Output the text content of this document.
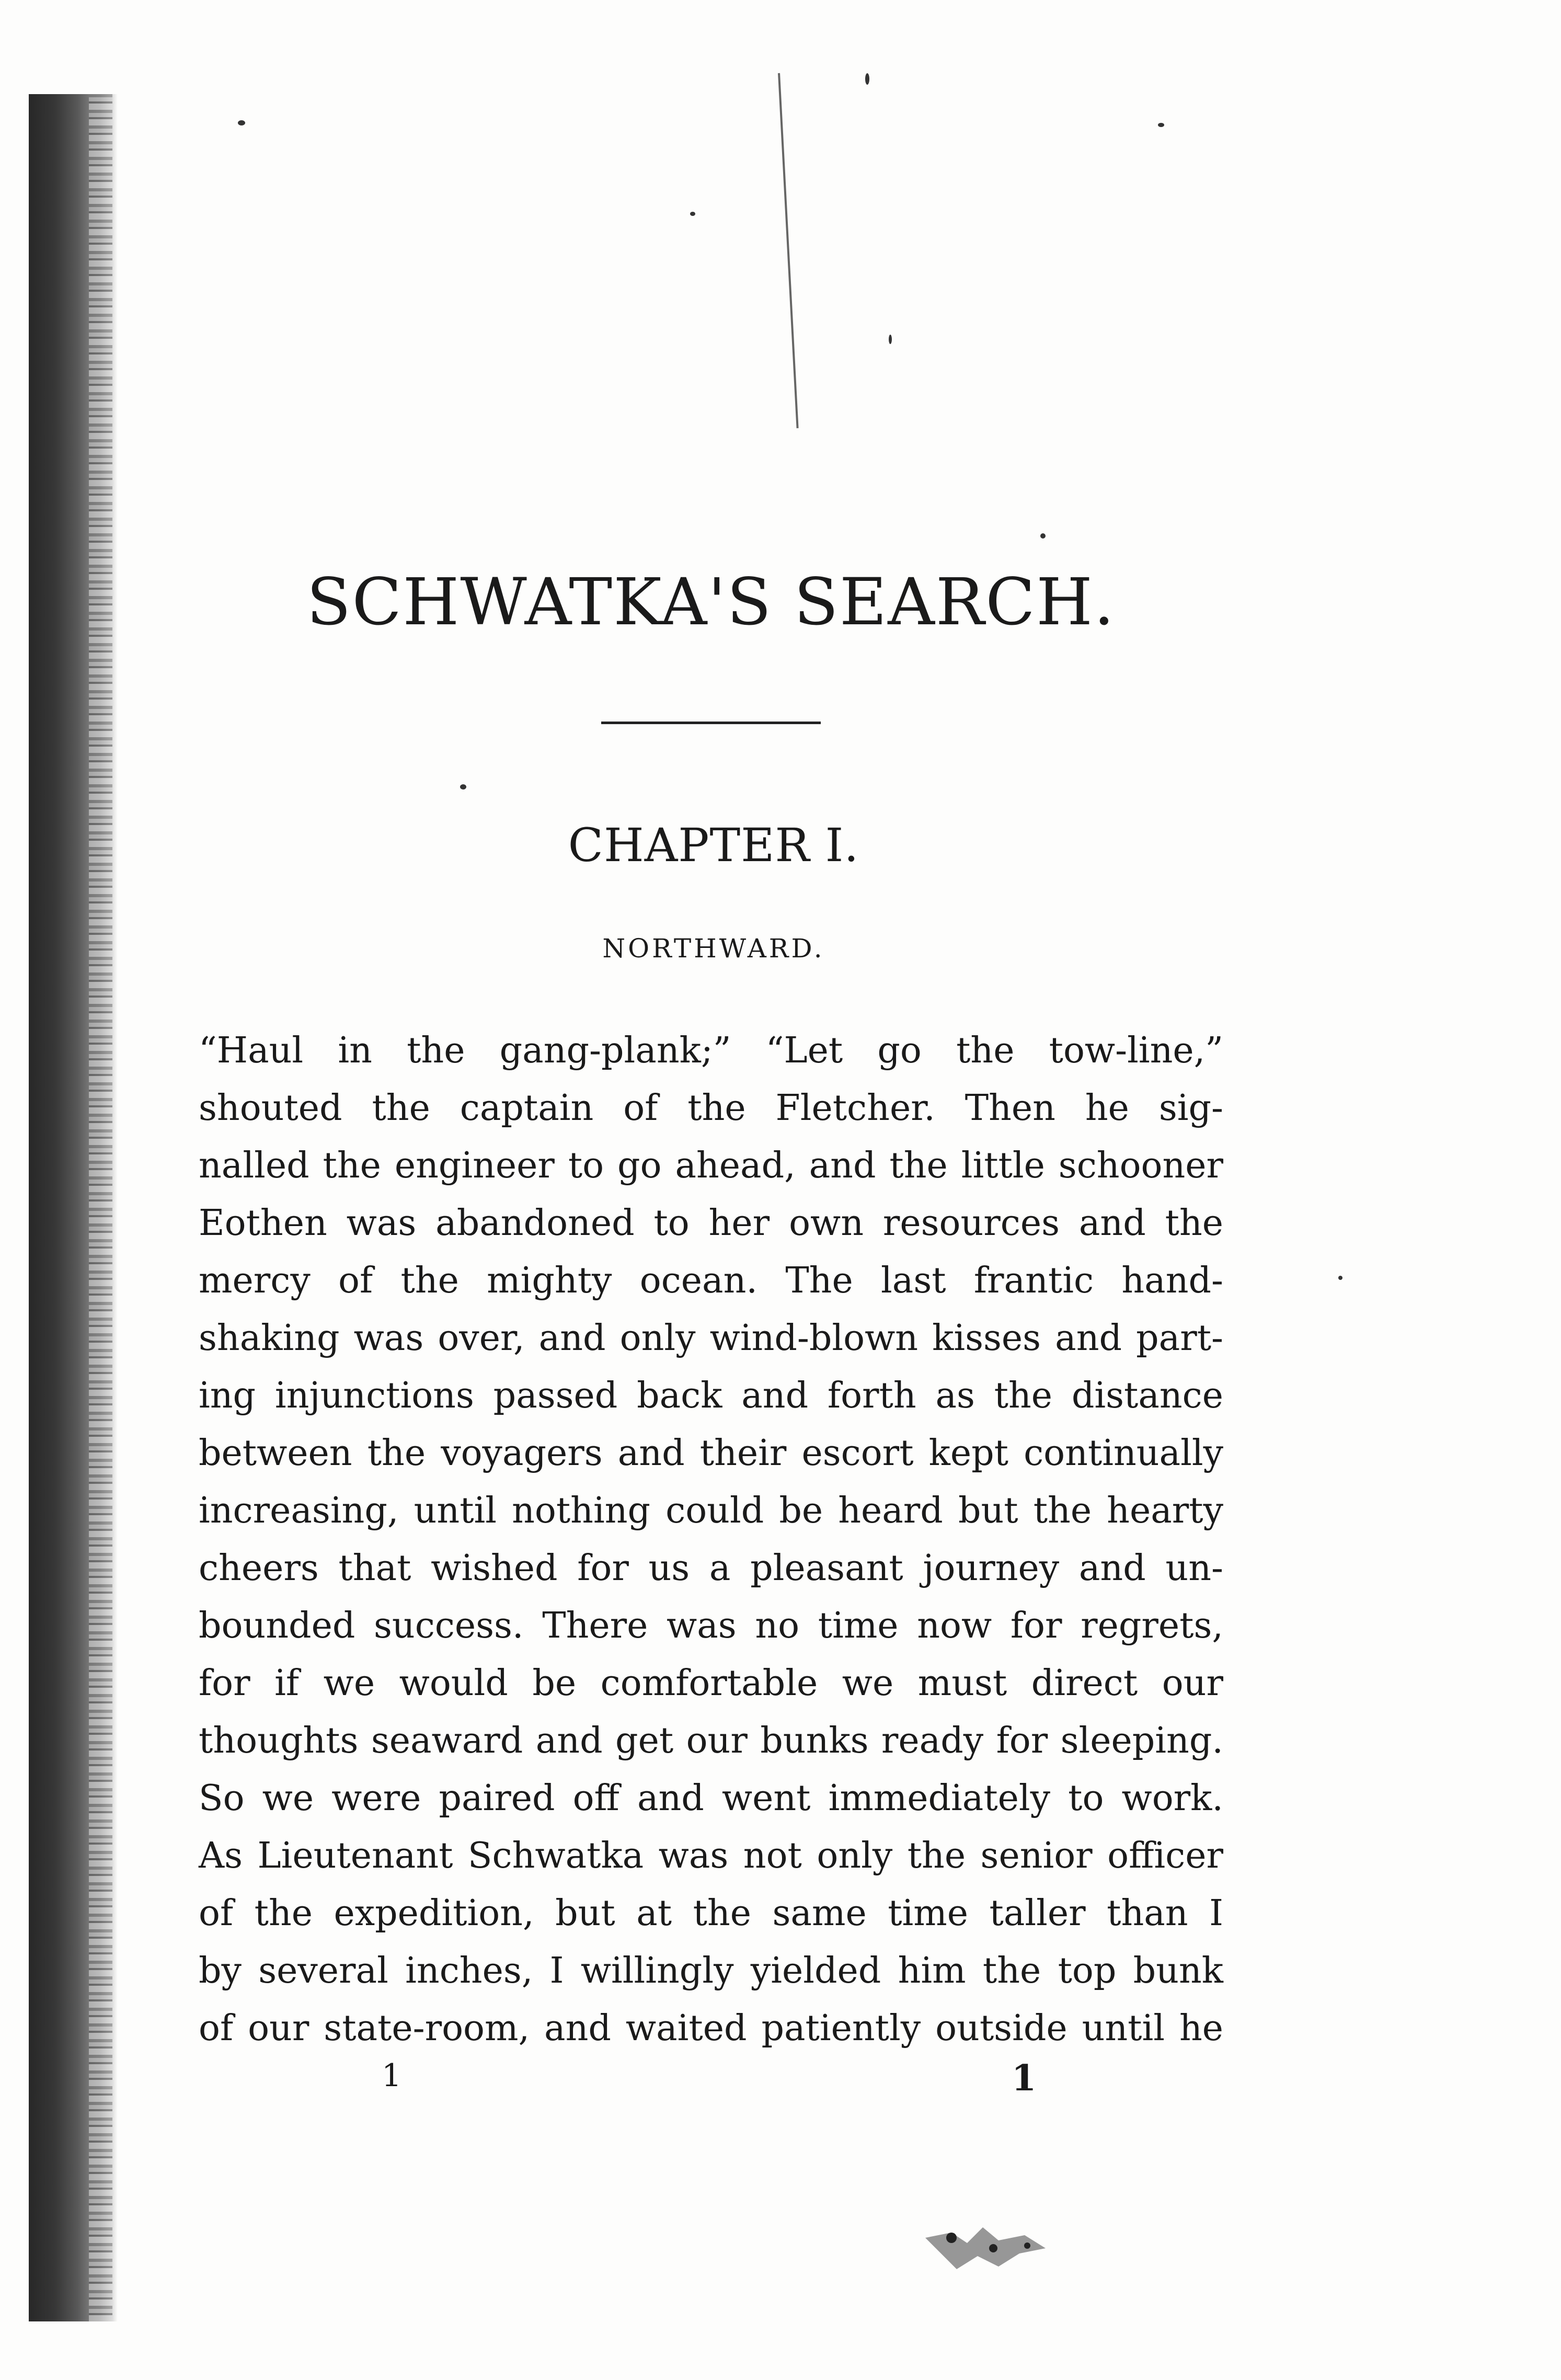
SCHWATKA'S SEARCH.
CHAPTER I.
NORTHWARD.
“Haul in the gang-plank;” “Let go the tow-line,”
shouted the captain of the Fletcher. Then he sig-
nalled the engineer to go ahead, and the little schooner
Eothen was abandoned to her own resources and the
mercy of the mighty ocean. The last frantic hand-
shaking was over, and only wind-blown kisses and part-
ing injunctions passed back and forth as the distance
between the voyagers and their escort kept continually
increasing, until nothing could be heard but the hearty
cheers that wished for us a pleasant journey and un-
bounded success. There was no time now for regrets,
for if we would be comfortable we must direct our
thoughts seaward and get our bunks ready for sleeping.
So we were paired off and went immediately to work.
As Lieutenant Schwatka was not only the senior officer
of the expedition, but at the same time taller than I
by several inches, I willingly yielded him the top bunk
of our state-room, and waited patiently outside until he
1	1
